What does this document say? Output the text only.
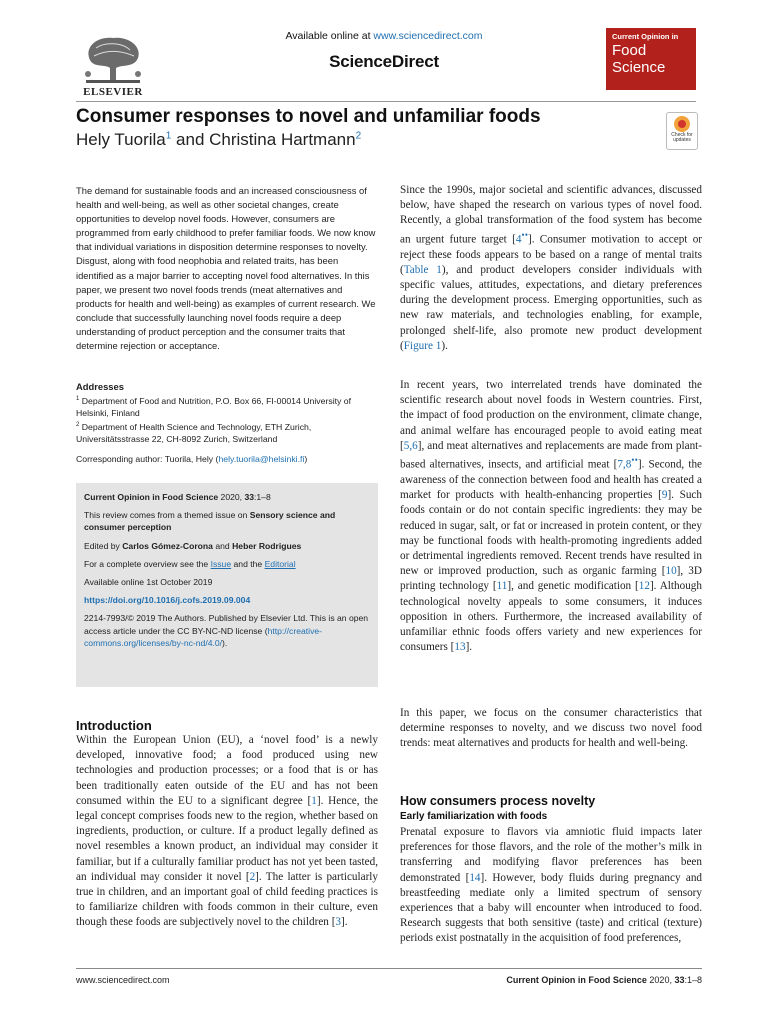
ELSEVIER
Available online at www.sciencedirect.com
ScienceDirect
Current Opinion in
Food
Science
Consumer responses to novel and unfamiliar foods
Hely Tuorila$^1$ and Christina Hartmann$^2$	Check for
updates
The demand for sustainable foods and an increased consciousness of health and well-being, as well as other societal changes, create opportunities to develop novel foods. However, consumers are programmed from early childhood to prefer familiar foods. We now know that individual variations in disposition determine responses to novelty. Disgust, along with food neophobia and related traits, has been identified as a major barrier to accepting novel food alternatives. In this paper, we present two novel foods trends (meat alternatives and products for health and well-being) as examples of current research. We conclude that successfully launching novel foods require a deep understanding of product perception and the consumer traits that determine rejection or acceptance.
Addresses
$^1$ Department of Food and Nutrition, P.O. Box 66, FI-00014 University of Helsinki, Finland
$^2$ Department of Health Science and Technology, ETH Zurich, Universitätsstrasse 22, CH-8092 Zurich, Switzerland
Corresponding author: Tuorila, Hely (hely.tuorila@helsinki.fi)

Current Opinion in Food Science 2020, 33:1–8

This review comes from a themed issue on Sensory science and consumer perception

Edited by Carlos Gómez-Corona and Heber Rodrigues

For a complete overview see the Issue and the Editorial

Available online 1st October 2019

https://doi.org/10.1016/j.cofs.2019.09.004

2214-7993/© 2019 The Authors. Published by Elsevier Ltd. This is an open access article under the CC BY-NC-ND license (http://creative-commons.org/licenses/by-nc-nd/4.0/).

Introduction
Within the European Union (EU), a ‘novel food’ is a newly developed, innovative food; a food produced using new technologies and production processes; or a food that is or has been traditionally eaten outside of the EU and has not been consumed within the EU to a significant degree [1]. Hence, the legal concept comprises foods new to the region, whether based on ingredients, production, or culture. If a product legally defined as novel resembles a known product, an individual may consider it familiar, but if a culturally familiar product has not yet been tasted, an individual may consider it novel [2]. The latter is particularly true in children, and an important goal of child feeding practices is to familiarize children with foods common in their culture, even though these foods are subjectively novel to the children [3].
Since the 1990s, major societal and scientific advances, discussed below, have shaped the research on various types of novel food. Recently, a global transformation of the food system has become an urgent future target [4••]. Consumer motivation to accept or reject these foods appears to be based on a range of mental traits (Table 1), and product developers consider individuals with specific values, attitudes, expectations, and dietary preferences during the development process. Emerging opportunities, such as new raw materials, and technologies enabling, for example, prolonged shelf-life, also promote new product development (Figure 1).
In recent years, two interrelated trends have dominated the scientific research about novel foods in Western countries. First, the impact of food production on the environment, climate change, and animal welfare has encouraged people to avoid eating meat [5,6], and meat alternatives and replacements are made from plant-based alternatives, insects, and artificial meat [7,8••]. Second, the awareness of the connection between food and health has created a market for products with health-enhancing properties [9]. Such foods contain or do not contain specific ingredients: they may be reduced in sugar, salt, or fat or increased in protein content, or they may be functional foods with health-promoting ingredients added or detrimental ingredients removed. Recent trends have resulted in new or improved production, such as organic farming [10], 3D printing technology [11], and genetic modification [12]. Although technological novelty appeals to some consumers, it induces opposition in others. Furthermore, the increased availability of unfamiliar ethnic foods offers variety and new experiences for consumers [13].
In this paper, we focus on the consumer characteristics that determine responses to novelty, and we discuss two novel food trends: meat alternatives and products for health and well-being.
How consumers process novelty
Early familiarization with foods
Prenatal exposure to flavors via amniotic fluid impacts later preferences for those flavors, and the role of the mother’s milk in transferring and modifying flavor preferences has been demonstrated [14]. However, body fluids during pregnancy and breastfeeding mediate only a limited spectrum of sensory experiences that a baby will encounter when introduced to food. Research suggests that both sensitive (taste) and critical (texture) periods exist postnatally in the acquisition of food preferences,
www.sciencedirect.com	Current Opinion in Food Science 2020, 33:1–8
